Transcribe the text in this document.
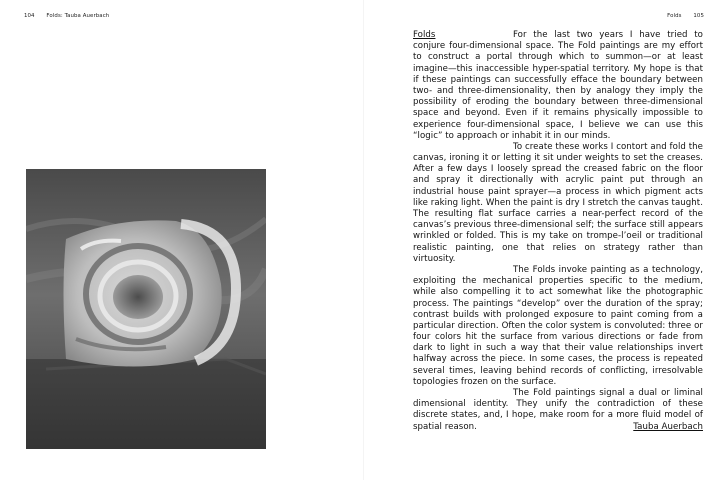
104 Folds: Tauba Auerbach	Folds 105

Folds	For the last two years I have tried to conjure four-dimensional space. The Fold paintings are my effort to construct a portal through which to summon—or at least imagine—this inaccessible hyper-spatial territory. My hope is that if these paintings can successfully efface the boundary between two- and three-dimensionality, then by analogy they imply the possibility of eroding the boundary between three-dimensional space and beyond. Even if it remains physically impossible to experience four-dimensional space, I believe we can use this “logic” to approach or inhabit it in our minds.

To create these works I contort and fold the canvas, ironing it or letting it sit under weights to set the creases. After a few days I loosely spread the creased fabric on the floor and spray it directionally with acrylic paint put through an industrial house paint sprayer—a process in which pigment acts like raking light. When the paint is dry I stretch the canvas taught. The resulting flat surface carries a near-perfect record of the canvas’s previous three-dimensional self; the surface still appears wrinkled or folded. This is my take on trompe-l’oeil or traditional realistic painting, one that relies on strategy rather than virtuosity.

The Folds invoke painting as a technology, exploiting the mechanical properties specific to the medium, while also compelling it to act somewhat like the photographic process. The paintings “develop” over the duration of the spray; contrast builds with prolonged exposure to paint coming from a particular direction. Often the color system is convoluted: three or four colors hit the surface from various directions or fade from dark to light in such a way that their value relationships invert halfway across the piece. In some cases, the process is repeated several times, leaving behind records of conflicting, irresolvable topologies frozen on the surface.

The Fold paintings signal a dual or liminal dimensional identity. They unify the contradiction of these discrete states, and, I hope, make room for a more fluid model of spatial reason.	Tauba Auerbach
